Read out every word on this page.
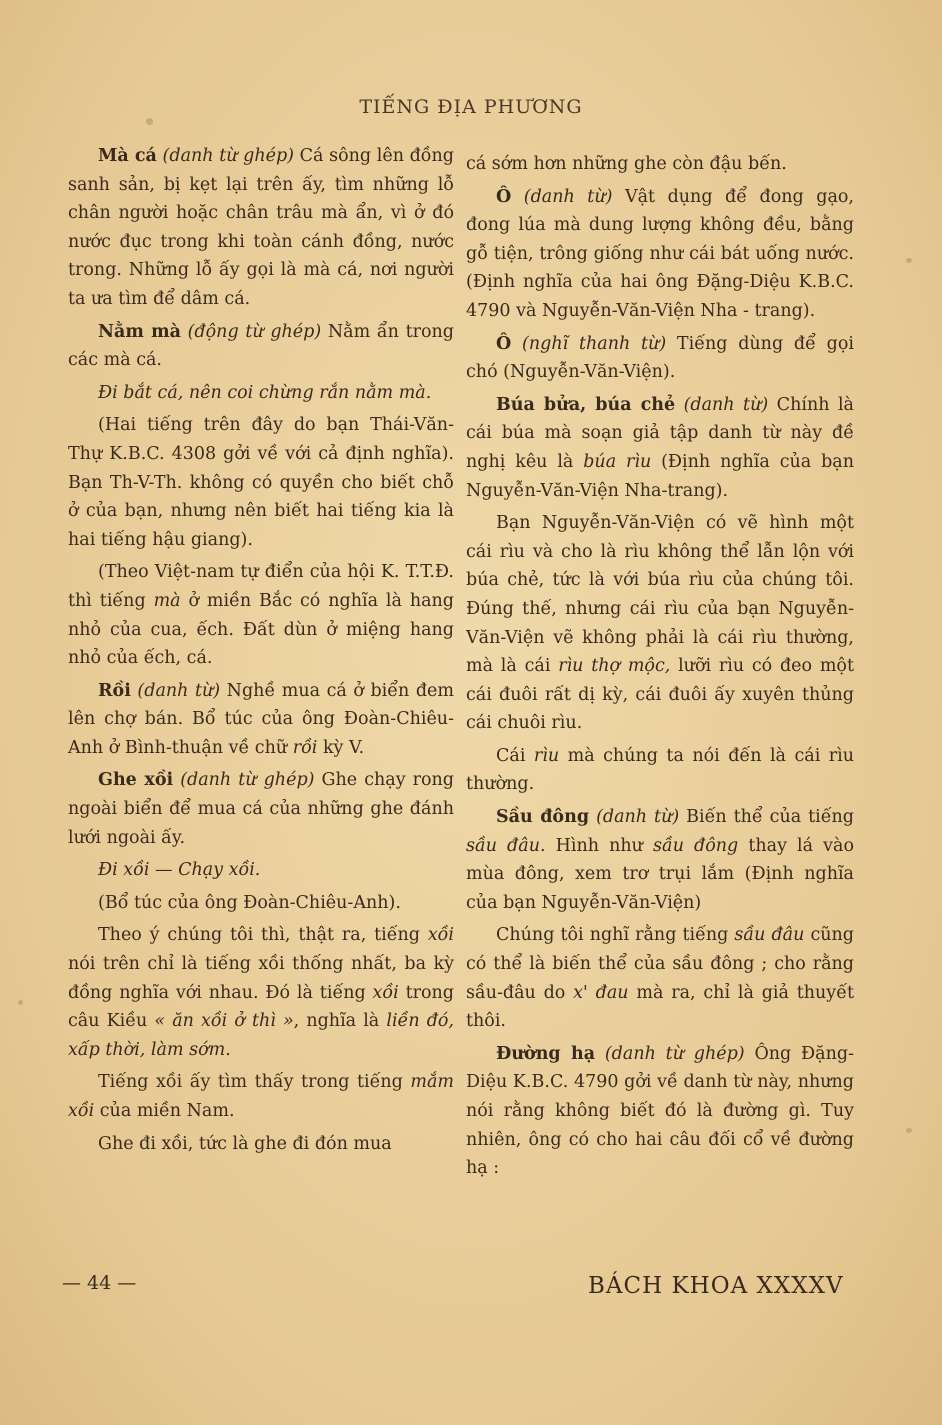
TIẾNG ĐỊA PHƯƠNG

Mà cá (danh từ ghép) Cá sông lên đồng sanh sản, bị kẹt lại trên ấy, tìm những lỗ chân người hoặc chân trâu mà ẩn, vì ở đó nước đục trong khi toàn cánh đồng, nước trong. Những lỗ ấy gọi là mà cá, nơi người ta ưa tìm để dâm cá.

Nằm mà (động từ ghép) Nằm ẩn trong các mà cá.

Đi bắt cá, nên coi chừng rắn nằm mà.

(Hai tiếng trên đây do bạn Thái-Văn-Thự K.B.C. 4308 gởi về với cả định nghĩa). Bạn Th-V-Th. không có quyền cho biết chỗ ở của bạn, nhưng nên biết hai tiếng kia là hai tiếng hậu giang).

(Theo Việt-nam tự điển của hội K. T.T.Đ. thì tiếng mà ở miền Bắc có nghĩa là hang nhỏ của cua, ếch. Đất dùn ở miệng hang nhỏ của ếch, cá.

Rồi (danh từ) Nghề mua cá ở biển đem lên chợ bán. Bổ túc của ông Đoàn-Chiêu-Anh ở Bình-thuận về chữ rồi kỳ V.

Ghe xồi (danh từ ghép) Ghe chạy rong ngoài biển để mua cá của những ghe đánh lưới ngoài ấy.

Đi xồi — Chạy xồi.

(Bổ túc của ông Đoàn-Chiêu-Anh).

Theo ý chúng tôi thì, thật ra, tiếng xồi nói trên chỉ là tiếng xồi thống nhất, ba kỳ đồng nghĩa với nhau. Đó là tiếng xồi trong câu Kiều « ăn xồi ở thì », nghĩa là liền đó, xấp thời, làm sớm.

Tiếng xồi ấy tìm thấy trong tiếng mắm xồi của miền Nam.

Ghe đi xồi, tức là ghe đi đón mua

cá sớm hơn những ghe còn đậu bến.

Ô (danh từ) Vật dụng để đong gạo, đong lúa mà dung lượng không đều, bằng gỗ tiện, trông giống như cái bát uống nước. (Định nghĩa của hai ông Đặng-Diệu K.B.C. 4790 và Nguyễn-Văn-Viện Nha - trang).

Ô (nghĩ thanh từ) Tiếng dùng để gọi chó (Nguyễn-Văn-Viện).

Búa bửa, búa chẻ (danh từ) Chính là cái búa mà soạn giả tập danh từ này đề nghị kêu là búa rìu (Định nghĩa của bạn Nguyễn-Văn-Viện Nha-trang).

Bạn Nguyễn-Văn-Viện có vẽ hình một cái rìu và cho là rìu không thể lẫn lộn với búa chẻ, tức là với búa rìu của chúng tôi. Đúng thế, nhưng cái rìu của bạn Nguyễn-Văn-Viện vẽ không phải là cái rìu thường, mà là cái rìu thợ mộc, lưỡi rìu có đeo một cái đuôi rất dị kỳ, cái đuôi ấy xuyên thủng cái chuôi rìu.

Cái rìu mà chúng ta nói đến là cái rìu thường.

Sầu đông (danh từ) Biến thể của tiếng sầu đâu. Hình như sầu đông thay lá vào mùa đông, xem trơ trụi lắm (Định nghĩa của bạn Nguyễn-Văn-Viện)

Chúng tôi nghĩ rằng tiếng sầu đâu cũng có thể là biến thể của sầu đông ; cho rằng sầu-đâu do x' đau mà ra, chỉ là giả thuyết thôi.

Đường hạ (danh từ ghép) Ông Đặng-Diệu K.B.C. 4790 gởi về danh từ này, nhưng nói rằng không biết đó là đường gì. Tuy nhiên, ông có cho hai câu đối cổ về đường hạ :

— 44 —	BÁCH KHOA XXXXV
